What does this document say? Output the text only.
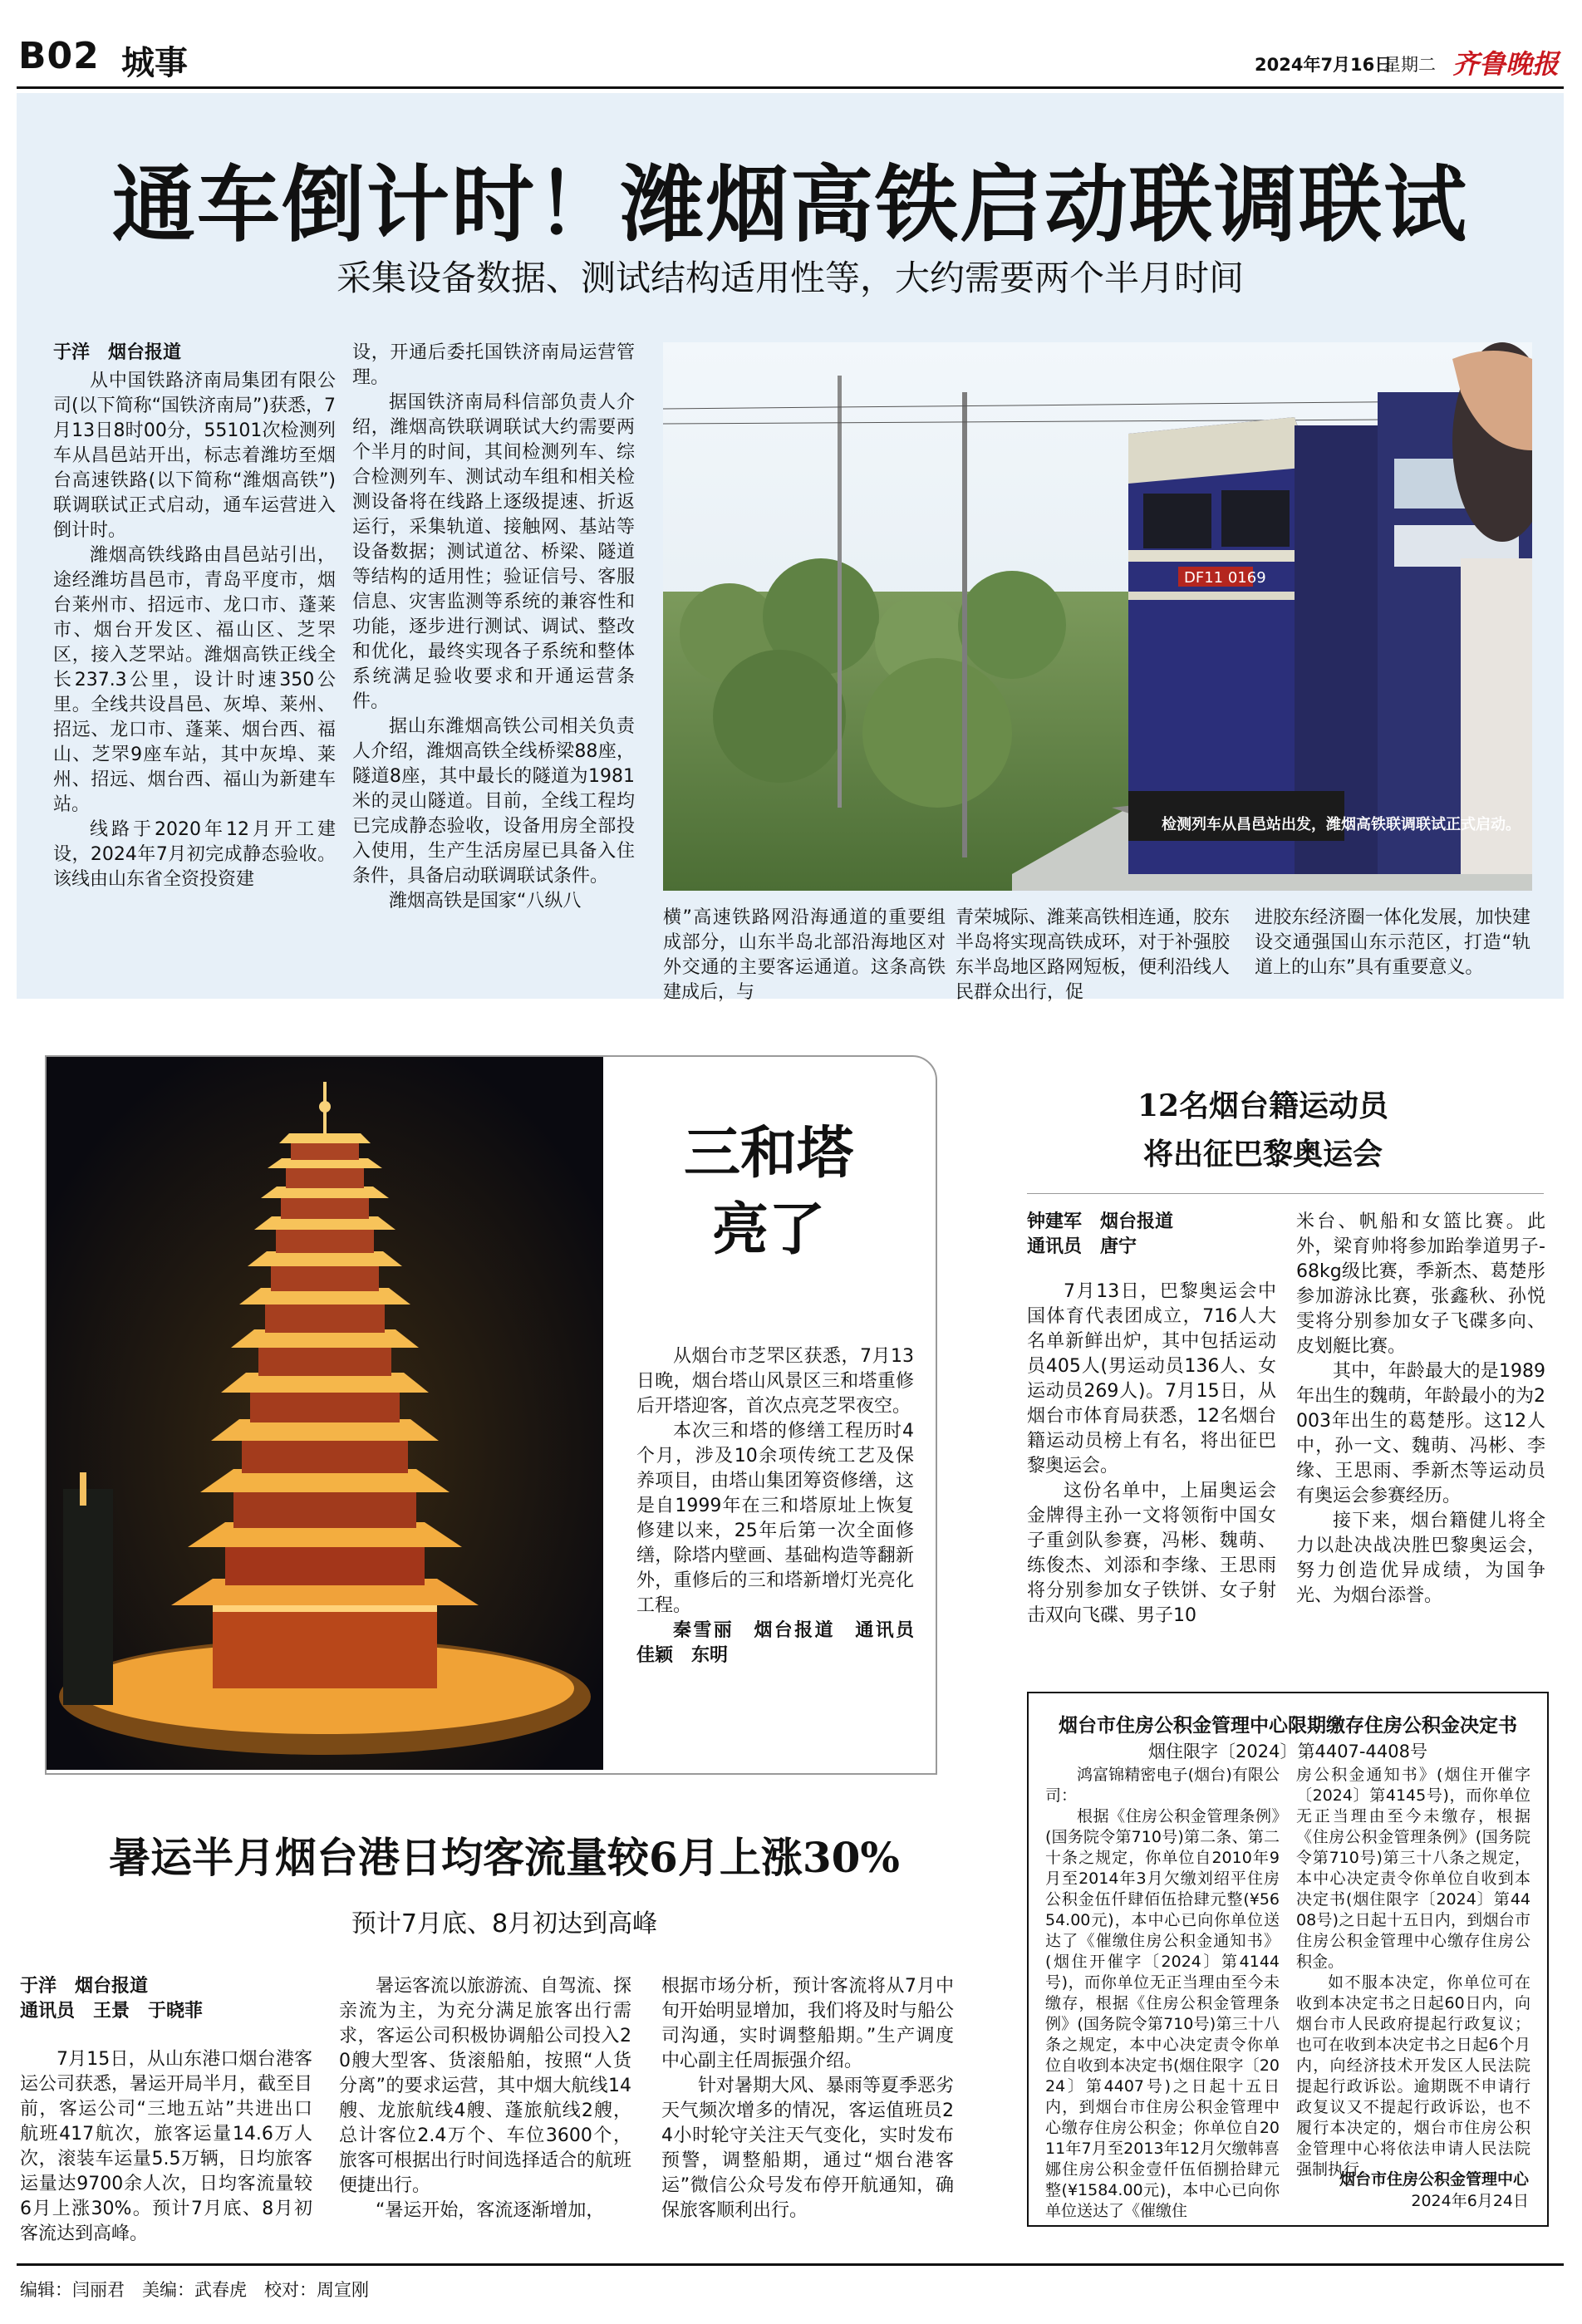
B02 城事	2024年7月16日
星期二 齐鲁晚报
通车倒计时！潍烟高铁启动联调联试
采集设备数据、测试结构适用性等，大约需要两个半月时间
于洋　烟台报道

从中国铁路济南局集团有限公司(以下简称“国铁济南局”)获悉，7月13日8时00分，55101次检测列车从昌邑站开出，标志着潍坊至烟台高速铁路(以下简称“潍烟高铁”)联调联试正式启动，通车运营进入倒计时。

潍烟高铁线路由昌邑站引出，途经潍坊昌邑市，青岛平度市，烟台莱州市、招远市、龙口市、蓬莱市、烟台开发区、福山区、芝罘区，接入芝罘站。潍烟高铁正线全长237.3公里，设计时速350公里。全线共设昌邑、灰埠、莱州、招远、龙口市、蓬莱、烟台西、福山、芝罘9座车站，其中灰埠、莱州、招远、烟台西、福山为新建车站。

线路于2020年12月开工建设，2024年7月初完成静态验收。该线由山东省全资投资建

设，开通后委托国铁济南局运营管理。

据国铁济南局科信部负责人介绍，潍烟高铁联调联试大约需要两个半月的时间，其间检测列车、综合检测列车、测试动车组和相关检测设备将在线路上逐级提速、折返运行，采集轨道、接触网、基站等设备数据；测试道岔、桥梁、隧道等结构的适用性；验证信号、客服信息、灾害监测等系统的兼容性和功能，逐步进行测试、调试、整改和优化，最终实现各子系统和整体系统满足验收要求和开通运营条件。

据山东潍烟高铁公司相关负责人介绍，潍烟高铁全线桥梁88座，隧道8座，其中最长的隧道为1981米的灵山隧道。目前，全线工程均已完成静态验收，设备用房全部投入使用，生产生活房屋已具备入住条件，具备启动联调联试条件。

潍烟高铁是国家“八纵八

DF11 0169
检测列车从昌邑站出发，潍烟高铁联调联试正式启动。
横”高速铁路网沿海通道的重要组成部分，山东半岛北部沿海地区对外交通的主要客运通道。这条高铁建成后，与
青荣城际、潍莱高铁相连通，胶东半岛将实现高铁成环，对于补强胶东半岛地区路网短板，便利沿线人民群众出行，促
进胶东经济圈一体化发展，加快建设交通强国山东示范区，打造“轨道上的山东”具有重要意义。
三和塔
亮了

从烟台市芝罘区获悉，7月13日晚，烟台塔山风景区三和塔重修后开塔迎客，首次点亮芝罘夜空。

本次三和塔的修缮工程历时4个月，涉及10余项传统工艺及保养项目，由塔山集团筹资修缮，这是自1999年在三和塔原址上恢复修建以来，25年后第一次全面修缮，除塔内壁画、基础构造等翻新外，重修后的三和塔新增灯光亮化工程。

秦雪丽　烟台报道　通讯员　佳颖　东明

12名烟台籍运动员
将出征巴黎奥运会
钟建军　烟台报道
通讯员　唐宁

7月13日，巴黎奥运会中国体育代表团成立，716人大名单新鲜出炉，其中包括运动员405人(男运动员136人、女运动员269人)。7月15日，从烟台市体育局获悉，12名烟台籍运动员榜上有名，将出征巴黎奥运会。

这份名单中，上届奥运会金牌得主孙一文将领衔中国女子重剑队参赛，冯彬、魏萌、练俊杰、刘添和李缘、王思雨将分别参加女子铁饼、女子射击双向飞碟、男子10

米台、帆船和女篮比赛。此外，梁育帅将参加跆拳道男子-68kg级比赛，季新杰、葛楚彤参加游泳比赛，张鑫秋、孙悦雯将分别参加女子飞碟多向、皮划艇比赛。

其中，年龄最大的是1989年出生的魏萌，年龄最小的为2003年出生的葛楚彤。这12人中，孙一文、魏萌、冯彬、李缘、王思雨、季新杰等运动员有奥运会参赛经历。

接下来，烟台籍健儿将全力以赴决战决胜巴黎奥运会，努力创造优异成绩，为国争光、为烟台添誉。

烟台市住房公积金管理中心限期缴存住房公积金决定书
烟住限字〔2024〕第4407-4408号

鸿富锦精密电子(烟台)有限公司：

根据《住房公积金管理条例》(国务院令第710号)第二条、第二十条之规定，你单位自2010年9月至2014年3月欠缴刘绍平住房公积金伍仟肆佰伍拾肆元整(¥5654.00元)，本中心已向你单位送达了《催缴住房公积金通知书》(烟住开催字〔2024〕第4144号)，而你单位无正当理由至今未缴存，根据《住房公积金管理条例》(国务院令第710号)第三十八条之规定，本中心决定责令你单位自收到本决定书(烟住限字〔2024〕第4407号)之日起十五日内，到烟台市住房公积金管理中心缴存住房公积金；你单位自2011年7月至2013年12月欠缴韩喜娜住房公积金壹仟伍佰捌拾肆元整(¥1584.00元)，本中心已向你单位送达了《催缴住

房公积金通知书》(烟住开催字〔2024〕第4145号)，而你单位无正当理由至今未缴存，根据《住房公积金管理条例》(国务院令第710号)第三十八条之规定，本中心决定责令你单位自收到本决定书(烟住限字〔2024〕第4408号)之日起十五日内，到烟台市住房公积金管理中心缴存住房公积金。

如不服本决定，你单位可在收到本决定书之日起60日内，向烟台市人民政府提起行政复议；也可在收到本决定书之日起6个月内，向经济技术开发区人民法院提起行政诉讼。逾期既不申请行政复议又不提起行政诉讼，也不履行本决定的，烟台市住房公积金管理中心将依法申请人民法院强制执行。

烟台市住房公积金管理中心
2024年6月24日
暑运半月烟台港日均客流量较6月上涨30%
预计7月底、8月初达到高峰
于洋　烟台报道
通讯员　王景　于晓菲

7月15日，从山东港口烟台港客运公司获悉，暑运开局半月，截至目前，客运公司“三地五站”共进出口航班417航次，旅客运量14.6万人次，滚装车运量5.5万辆，日均旅客运量达9700余人次，日均客流量较6月上涨30%。预计7月底、8月初客流达到高峰。

暑运客流以旅游流、自驾流、探亲流为主，为充分满足旅客出行需求，客运公司积极协调船公司投入20艘大型客、货滚船舶，按照“人货分离”的要求运营，其中烟大航线14艘、龙旅航线4艘、蓬旅航线2艘，总计客位2.4万个、车位3600个，旅客可根据出行时间选择适合的航班便捷出行。

“暑运开始，客流逐渐增加，

根据市场分析，预计客流将从7月中旬开始明显增加，我们将及时与船公司沟通，实时调整船期。”生产调度中心副主任周振强介绍。

针对暑期大风、暴雨等夏季恶劣天气频次增多的情况，客运值班员24小时轮守关注天气变化，实时发布预警，调整船期，通过“烟台港客运”微信公众号发布停开航通知，确保旅客顺利出行。

编辑：闫丽君　美编：武春虎　校对：周宣刚
